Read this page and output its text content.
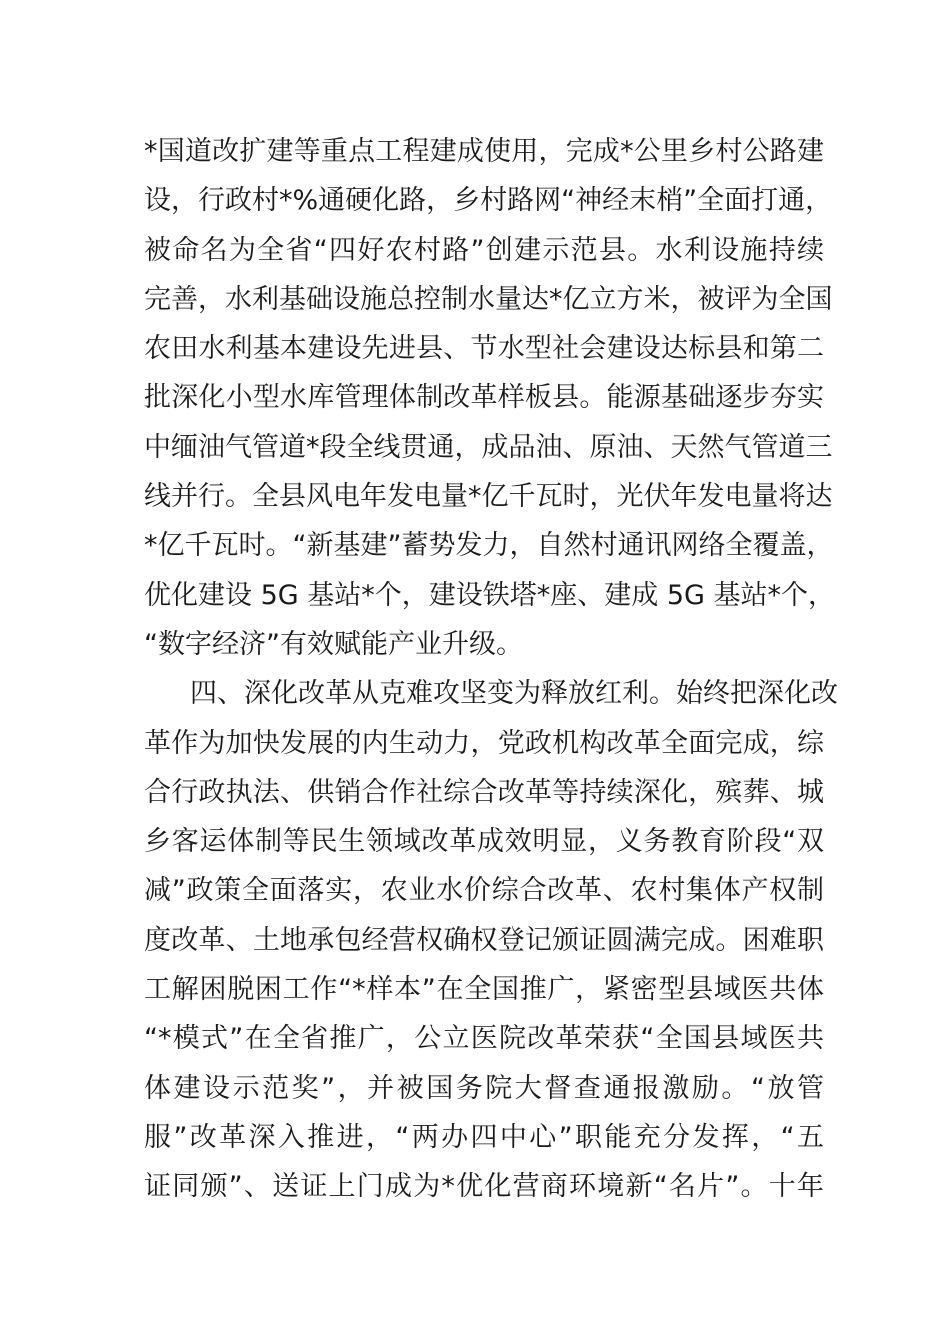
*国道改扩建等重点工程建成使用，完成*公里乡村公路建
设，行政村*%通硬化路，乡村路网“神经末梢”全面打通，
被命名为全省“四好农村路”创建示范县。水利设施持续
完善，水利基础设施总控制水量达*亿立方米，被评为全国
农田水利基本建设先进县、节水型社会建设达标县和第二
批深化小型水库管理体制改革样板县。能源基础逐步夯实
中缅油气管道*段全线贯通，成品油、原油、天然气管道三
线并行。全县风电年发电量*亿千瓦时，光伏年发电量将达
*亿千瓦时。“新基建”蓄势发力，自然村通讯网络全覆盖，
优化建设 5G 基站*个，建设铁塔*座、建成 5G 基站*个，
“数字经济”有效赋能产业升级。
四、深化改革从克难攻坚变为释放红利。始终把深化改
革作为加快发展的内生动力，党政机构改革全面完成，综
合行政执法、供销合作社综合改革等持续深化，殡葬、城
乡客运体制等民生领域改革成效明显，义务教育阶段“双
减”政策全面落实，农业水价综合改革、农村集体产权制
度改革、土地承包经营权确权登记颁证圆满完成。困难职
工解困脱困工作“*样本”在全国推广，紧密型县域医共体
“*模式”在全省推广，公立医院改革荣获“全国县域医共
体建设示范奖”，并被国务院大督查通报激励。“放管
服”改革深入推进，“两办四中心”职能充分发挥，“五
证同颁”、送证上门成为*优化营商环境新“名片”。十年
